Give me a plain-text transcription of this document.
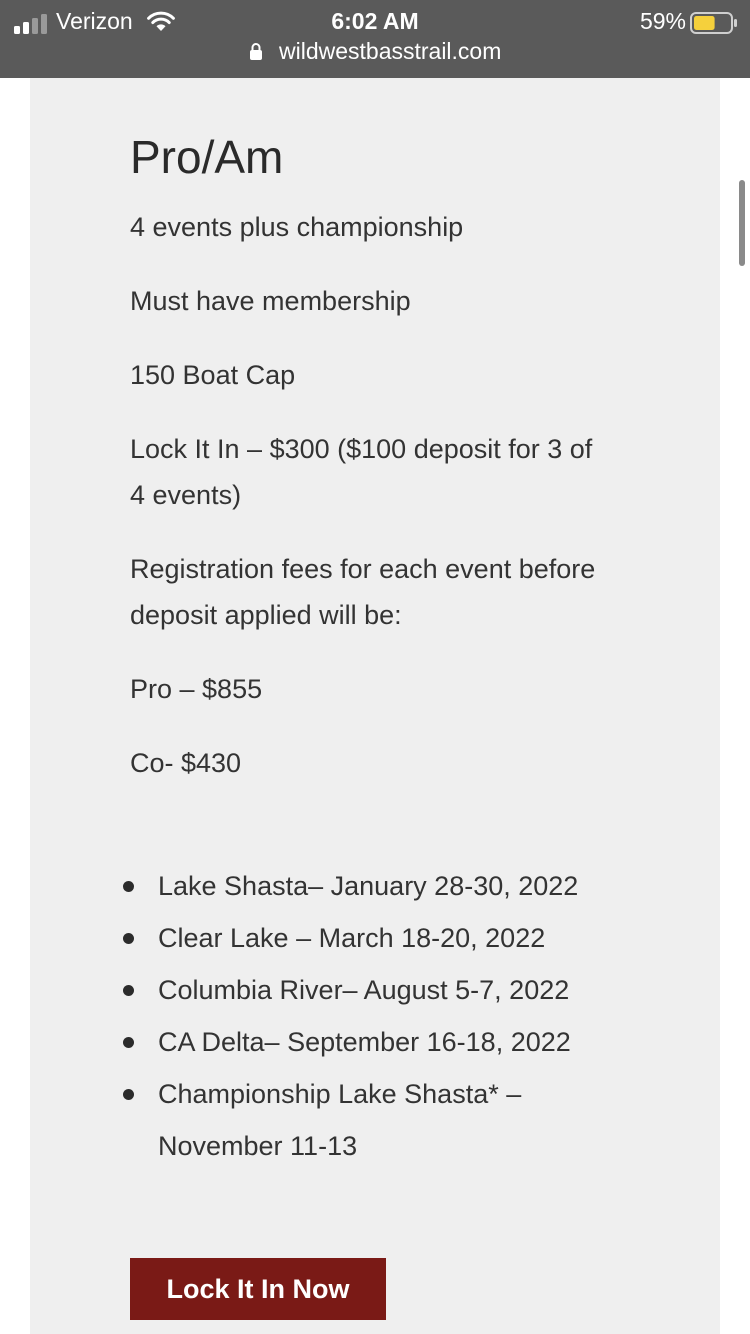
Verizon	6:02 AM	59%
wildwestbasstrail.com
Pro/Am

4 events plus championship

Must have membership

150 Boat Cap

Lock It In – $300 ($100 deposit for 3 of 4 events)

Registration fees for each event before deposit applied will be:

Pro – $855

Co- $430

Lake Shasta– January 28-30, 2022
Clear Lake – March 18-20, 2022
Columbia River– August 5-7, 2022
CA Delta– September 16-18, 2022
Championship Lake Shasta* – November 11-13
Lock It In Now
